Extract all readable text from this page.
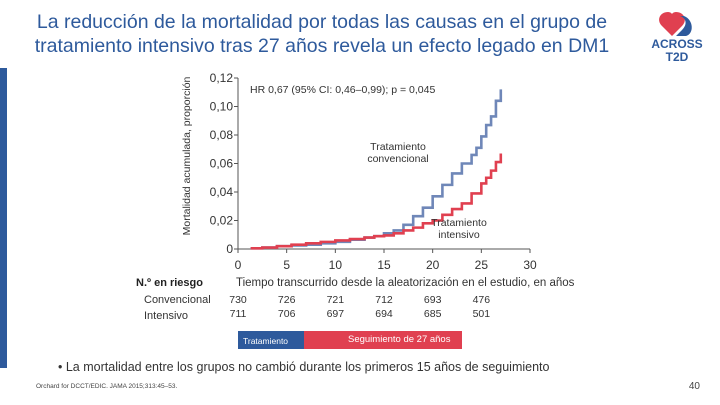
La reducción de la mortalidad por todas las causas en el grupo de tratamiento intensivo tras 27 años revela un efecto legado en DM1	ACROSS
T2D
Mortalidad acumulada, proporción
0
0,02
0,04
0,06
0,08
0,10
0,12
0	5	10	15	20	25	30
HR 0,67 (95% CI: 0,46–0,99); p = 0,045
Tratamiento convencional
Tratamiento intensivo
N.º en riesgo	Tiempo transcurrido desde la aleatorización en el estudio, en años
Convencional	730	726	721	712	693	476
Intensivo	711	706	697	694	685	501
Tratamiento	Seguimiento de 27 años
• La mortalidad entre los grupos no cambió durante los primeros 15 años de seguimiento
Orchard for DCCT/EDIC. JAMA 2015;313:45–53.	40
